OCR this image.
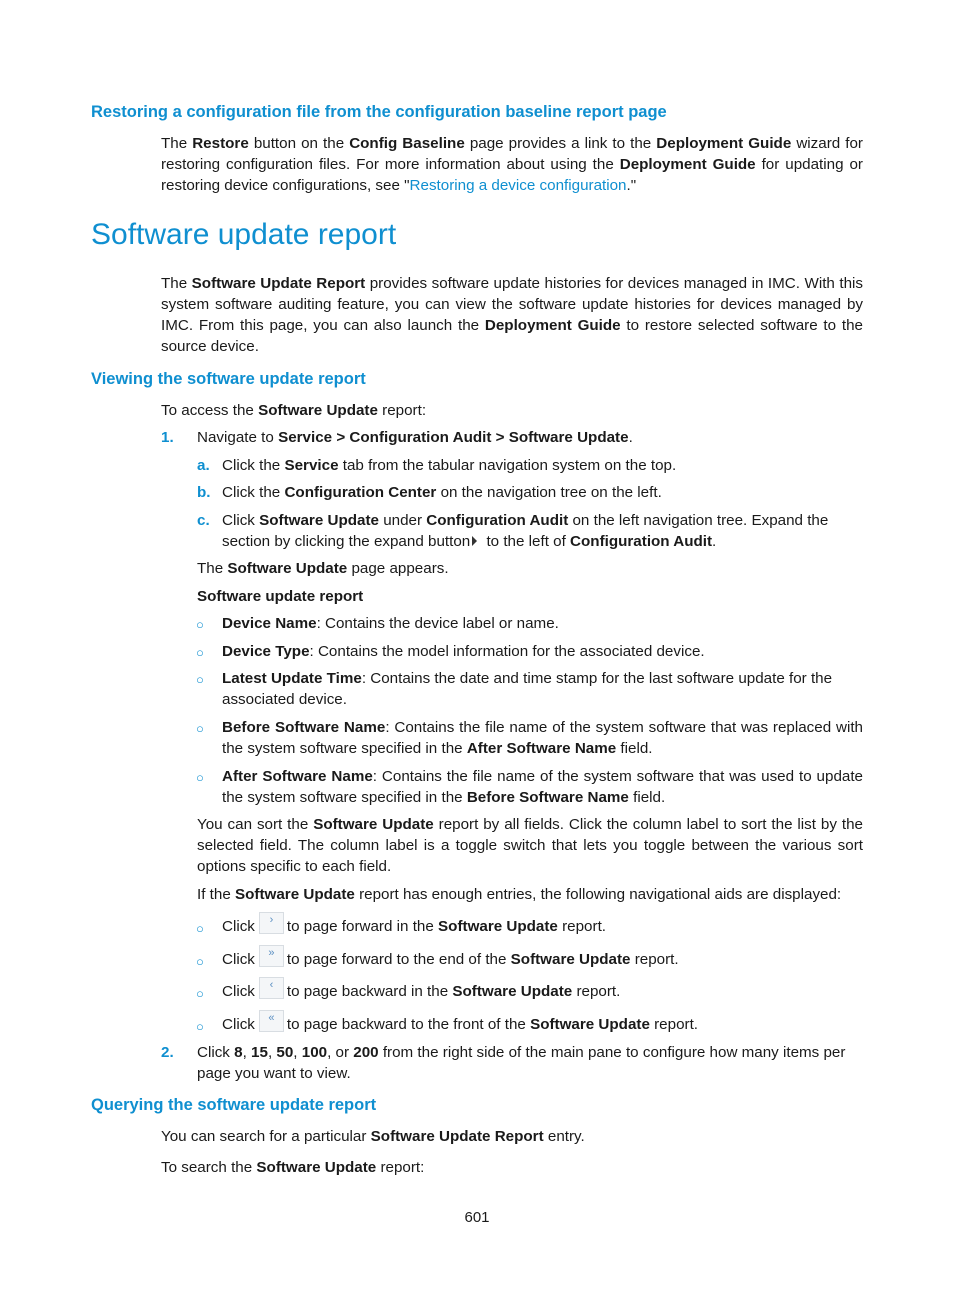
Restoring a configuration file from the configuration baseline report page

The Restore button on the Config Baseline page provides a link to the Deployment Guide wizard for restoring configuration files. For more information about using the Deployment Guide for updating or restoring device configurations, see "Restoring a device configuration."

Software update report

The Software Update Report provides software update histories for devices managed in IMC. With this system software auditing feature, you can view the software update histories for devices managed by IMC. From this page, you can also launch the Deployment Guide to restore selected software to the source device.

Viewing the software update report

To access the Software Update report:

1. Navigate to Service > Configuration Audit > Software Update.

a. Click the Service tab from the tabular navigation system on the top.

b. Click the Configuration Center on the navigation tree on the left.

c. Click Software Update under Configuration Audit on the left navigation tree. Expand the section by clicking the expand button to the left of Configuration Audit.

The Software Update page appears.

Software update report

○ Device Name: Contains the device label or name.

○ Device Type: Contains the model information for the associated device.

○ Latest Update Time: Contains the date and time stamp for the last software update for the associated device.

○ Before Software Name: Contains the file name of the system software that was replaced with the system software specified in the After Software Name field.

○ After Software Name: Contains the file name of the system software that was used to update the system software specified in the Before Software Name field.

You can sort the Software Update report by all fields. Click the column label to sort the list by the selected field. The column label is a toggle switch that lets you toggle between the various sort options specific to each field.

If the Software Update report has enough entries, the following navigational aids are displayed:

○ Click › to page forward in the Software Update report.

○ Click » to page forward to the end of the Software Update report.

○ Click ‹ to page backward in the Software Update report.

○ Click « to page backward to the front of the Software Update report.

2. Click 8, 15, 50, 100, or 200 from the right side of the main pane to configure how many items per page you want to view.

Querying the software update report

You can search for a particular Software Update Report entry.

To search the Software Update report:

601
